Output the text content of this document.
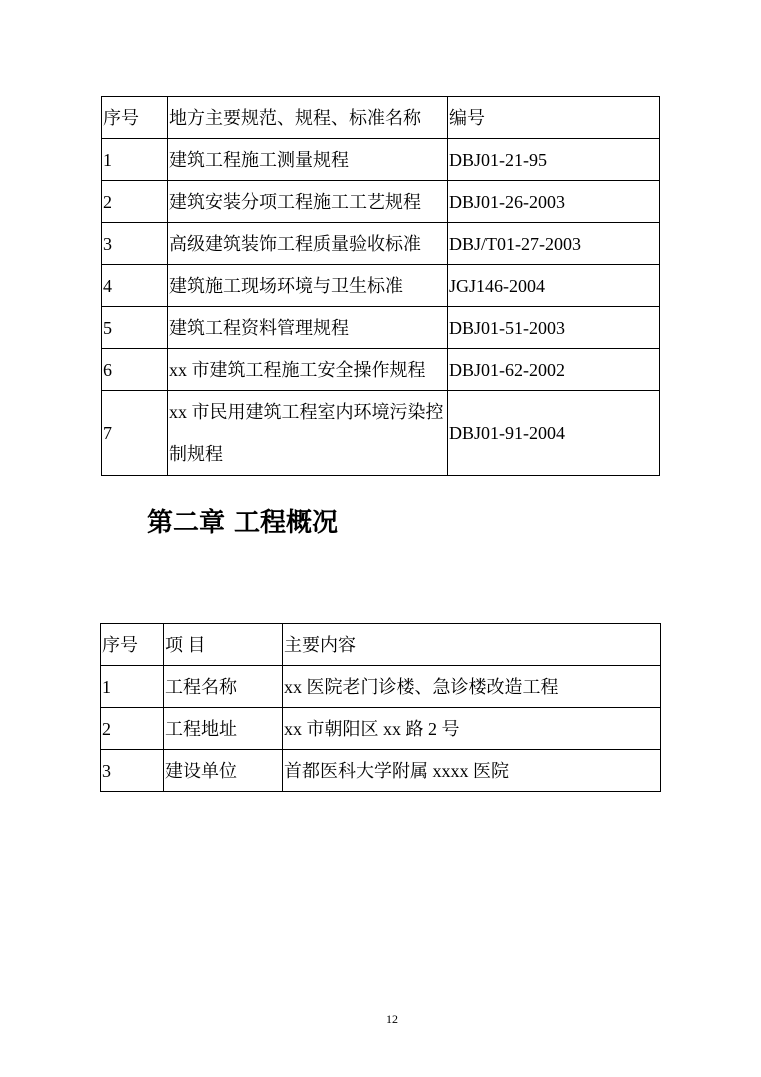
序号	地方主要规范、规程、标准名称	编号
1	建筑工程施工测量规程	DBJ01-21-95
2	建筑安装分项工程施工工艺规程	DBJ01-26-2003
3	高级建筑装饰工程质量验收标准	DBJ/T01-27-2003
4	建筑施工现场环境与卫生标准	JGJ146-2004
5	建筑工程资料管理规程	DBJ01-51-2003
6	xx 市建筑工程施工安全操作规程	DBJ01-62-2002
7	xx 市民用建筑工程室内环境污染控制规程	DBJ01-91-2004
第二章 工程概况
序号	项 目	主要内容
1	工程名称	xx 医院老门诊楼、急诊楼改造工程
2	工程地址	xx 市朝阳区 xx 路 2 号
3	建设单位	首都医科大学附属 xxxx 医院
12
